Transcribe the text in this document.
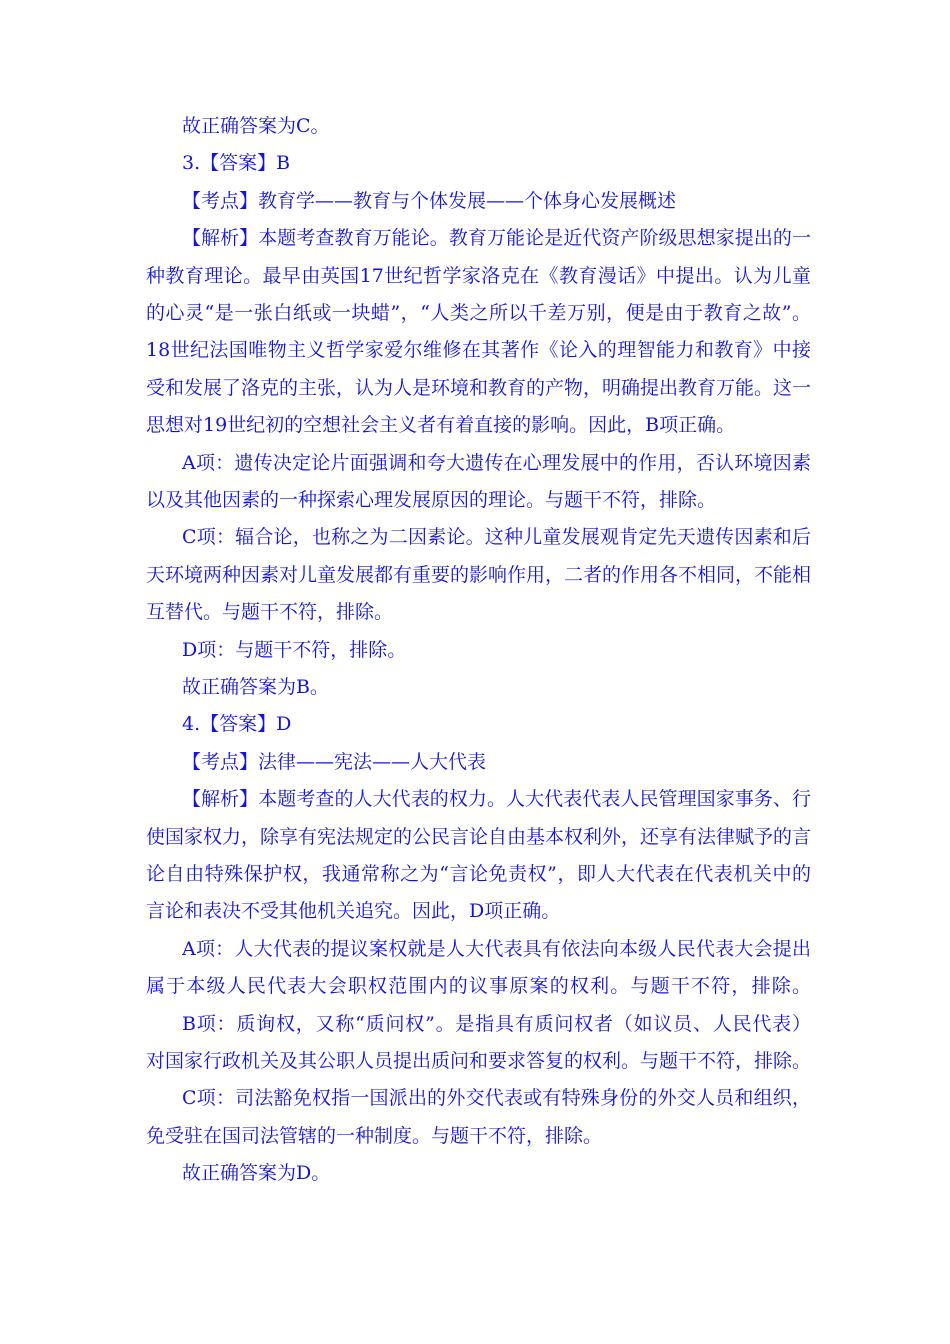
故正确答案为C。
3.【答案】B
【考点】教育学——教育与个体发展——个体身心发展概述
【解析】本题考查教育万能论。教育万能论是近代资产阶级思想家提出的一
种教育理论。最早由英国17世纪哲学家洛克在《教育漫话》中提出。认为儿童
的心灵“是一张白纸或一块蜡”，“人类之所以千差万别，便是由于教育之故”。
18世纪法国唯物主义哲学家爱尔维修在其著作《论入的理智能力和教育》中接
受和发展了洛克的主张，认为人是环境和教育的产物，明确提出教育万能。这一
思想对19世纪初的空想社会主义者有着直接的影响。因此，B项正确。
A项：遗传决定论片面强调和夸大遗传在心理发展中的作用，否认环境因素
以及其他因素的一种探索心理发展原因的理论。与题干不符，排除。
C项：辐合论，也称之为二因素论。这种儿童发展观肯定先天遗传因素和后
天环境两种因素对儿童发展都有重要的影响作用，二者的作用各不相同，不能相
互替代。与题干不符，排除。
D项：与题干不符，排除。
故正确答案为B。
4.【答案】D
【考点】法律——宪法——人大代表
【解析】本题考查的人大代表的权力。人大代表代表人民管理国家事务、行
使国家权力，除享有宪法规定的公民言论自由基本权利外，还享有法律赋予的言
论自由特殊保护权，我通常称之为“言论免责权”，即人大代表在代表机关中的
言论和表决不受其他机关追究。因此，D项正确。
A项：人大代表的提议案权就是人大代表具有依法向本级人民代表大会提出
属于本级人民代表大会职权范围内的议事原案的权利。与题干不符，排除。
B项：质询权，又称“质问权”。是指具有质问权者（如议员、人民代表）
对国家行政机关及其公职人员提出质问和要求答复的权利。与题干不符，排除。
C项：司法豁免权指一国派出的外交代表或有特殊身份的外交人员和组织，
免受驻在国司法管辖的一种制度。与题干不符，排除。
故正确答案为D。
